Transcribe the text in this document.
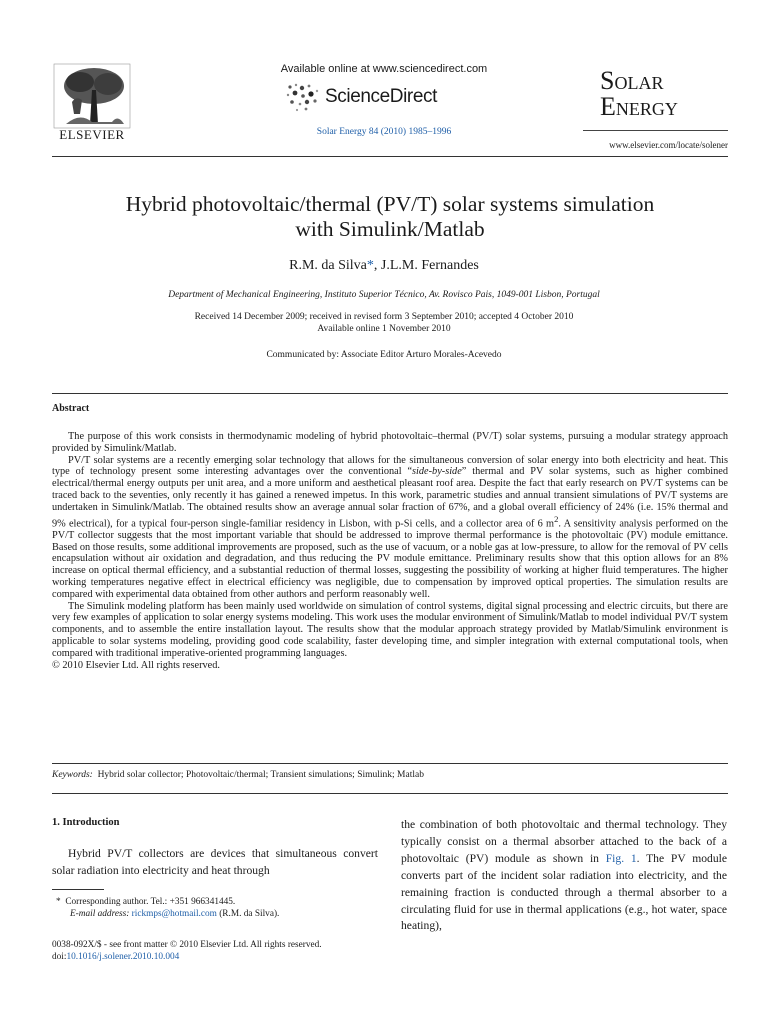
ELSEVIER
Available online at www.sciencedirect.com
ScienceDirect
Solar Energy 84 (2010) 1985–1996
Solar
Energy
www.elsevier.com/locate/solener
Hybrid photovoltaic/thermal (PV/T) solar systems simulation
with Simulink/Matlab
R.M. da Silva*, J.L.M. Fernandes
Department of Mechanical Engineering, Instituto Superior Técnico, Av. Rovisco Pais, 1049-001 Lisbon, Portugal
Received 14 December 2009; received in revised form 3 September 2010; accepted 4 October 2010
Available online 1 November 2010
Communicated by: Associate Editor Arturo Morales-Acevedo
Abstract

The purpose of this work consists in thermodynamic modeling of hybrid photovoltaic–thermal (PV/T) solar systems, pursuing a modular strategy approach provided by Simulink/Matlab.

PV/T solar systems are a recently emerging solar technology that allows for the simultaneous conversion of solar energy into both electricity and heat. This type of technology present some interesting advantages over the conventional “side-by-side” thermal and PV solar systems, such as higher combined electrical/thermal energy outputs per unit area, and a more uniform and aesthetical pleasant roof area. Despite the fact that early research on PV/T systems can be traced back to the seventies, only recently it has gained a renewed impetus. In this work, parametric studies and annual transient simulations of PV/T systems are undertaken in Simulink/Matlab. The obtained results show an average annual solar fraction of 67%, and a global overall efficiency of 24% (i.e. 15% thermal and 9% electrical), for a typical four-person single-familiar residency in Lisbon, with p-Si cells, and a collector area of 6 $m^2$. A sensitivity analysis performed on the PV/T collector suggests that the most important variable that should be addressed to improve thermal performance is the photovoltaic (PV) module emittance. Based on those results, some additional improvements are proposed, such as the use of vacuum, or a noble gas at low-pressure, to allow for the removal of PV cells encapsulation without air oxidation and degradation, and thus reducing the PV module emittance. Preliminary results show that this option allows for an 8% increase on optical thermal efficiency, and a substantial reduction of thermal losses, suggesting the possibility of working at higher fluid temperatures. The higher working temperatures negative effect in electrical efficiency was negligible, due to compensation by improved optical properties. The simulation results are compared with experimental data obtained from other authors and perform reasonably well.

The Simulink modeling platform has been mainly used worldwide on simulation of control systems, digital signal processing and electric circuits, but there are very few examples of application to solar energy systems modeling. This work uses the modular environment of Simulink/Matlab to model individual PV/T system components, and to assemble the entire installation layout. The results show that the modular approach strategy provided by Matlab/Simulink environment is applicable to solar systems modeling, providing good code scalability, faster developing time, and simpler integration with external computational tools, when compared with traditional imperative-oriented programming languages.

© 2010 Elsevier Ltd. All rights reserved.

Keywords: Hybrid solar collector; Photovoltaic/thermal; Transient simulations; Simulink; Matlab
1. Introduction
Hybrid PV/T collectors are devices that simultaneous convert solar radiation into electricity and heat through
* Corresponding author. Tel.: +351 966341445.
E-mail address: rickmps@hotmail.com (R.M. da Silva).
0038-092X/$ - see front matter © 2010 Elsevier Ltd. All rights reserved.
doi:10.1016/j.solener.2010.10.004
the combination of both photovoltaic and thermal technology. They typically consist on a thermal absorber attached to the back of a photovoltaic (PV) module as shown in Fig. 1. The PV module converts part of the incident solar radiation into electricity, and the remaining fraction is conducted through a thermal absorber to a circulating fluid for use in thermal applications (e.g., hot water, space heating),
